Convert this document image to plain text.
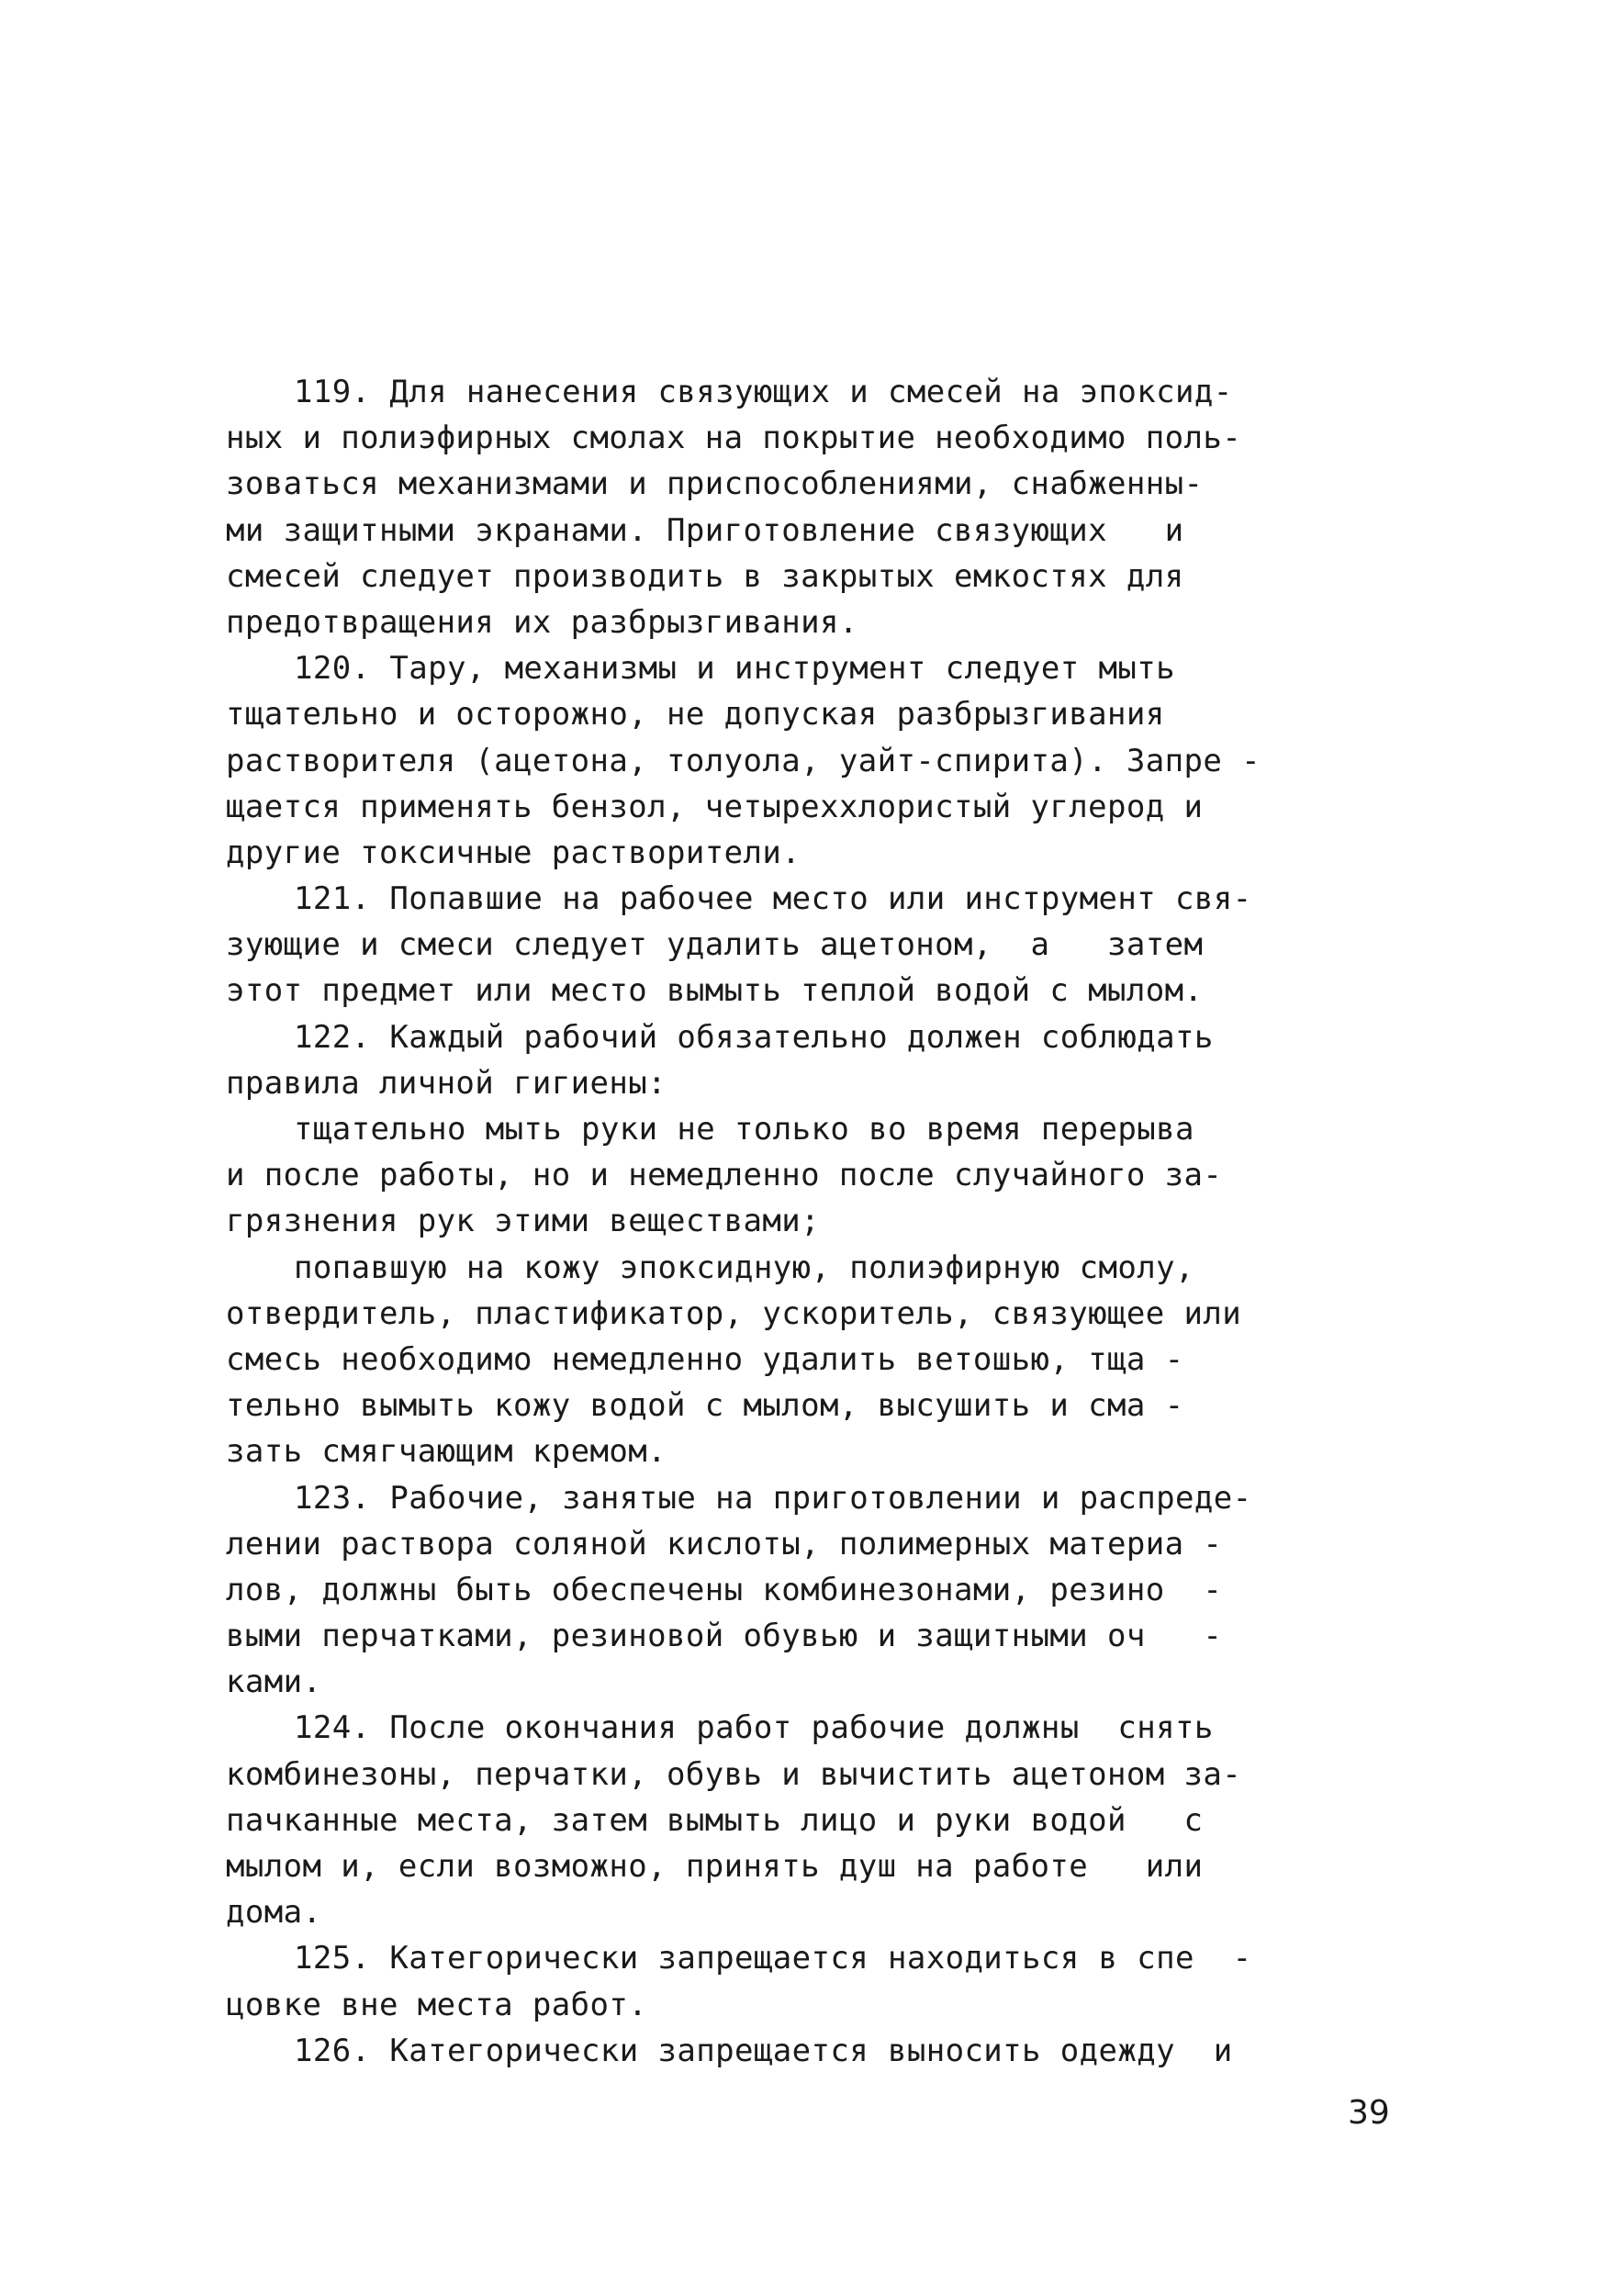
119. Для нанесения связующих и смесей на эпоксид-
ных и полиэфирных смолах на покрытие необходимо поль-
зоваться механизмами и приспособлениями, снабженны-
ми защитными экранами. Приготовление связующих   и
смесей следует производить в закрытых емкостях для
предотвращения их разбрызгивания.
120. Тару, механизмы и инструмент следует мыть
тщательно и осторожно, не допуская разбрызгивания
растворителя (ацетона, толуола, уайт-спирита). Запре -
щается применять бензол, четыреххлористый углерод и
другие токсичные растворители.
121. Попавшие на рабочее место или инструмент свя-
зующие и смеси следует удалить ацетоном,  а   затем
этот предмет или место вымыть теплой водой с мылом.
122. Каждый рабочий обязательно должен соблюдать
правила личной гигиены:
тщательно мыть руки не только во время перерыва
и после работы, но и немедленно после случайного за-
грязнения рук этими веществами;
попавшую на кожу эпоксидную, полиэфирную смолу,
отвердитель, пластификатор, ускоритель, связующее или
смесь необходимо немедленно удалить ветошью, тща -
тельно вымыть кожу водой с мылом, высушить и сма -
зать смягчающим кремом.
123. Рабочие, занятые на приготовлении и распреде-
лении раствора соляной кислоты, полимерных материа -
лов, должны быть обеспечены комбинезонами, резино  -
выми перчатками, резиновой обувью и защитными оч   -
ками.
124. После окончания работ рабочие должны  снять
комбинезоны, перчатки, обувь и вычистить ацетоном за-
пачканные места, затем вымыть лицо и руки водой   с
мылом и, если возможно, принять душ на работе   или
дома.
125. Категорически запрещается находиться в спе  -
цовке вне места работ.
126. Категорически запрещается выносить одежду  и
39
